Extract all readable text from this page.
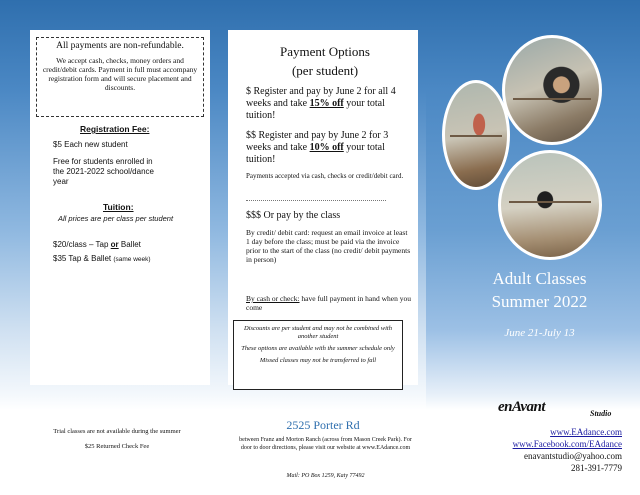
All payments are non-refundable.
We accept cash, checks, money orders and credit/debit cards. Payment in full must accompany registration form and will secure placement and discounts.
Registration Fee:
$5 Each new student
Free for students enrolled in
the 2021-2022 school/dance
year
Tuition:
All prices are per class per student
$20/class – Tap or Ballet
$35 Tap & Ballet (same week)
Trial classes are not available during the summer
$25 Returned Check Fee
Payment Options
(per student)
$ Register and pay by June 2 for all 4 weeks and take 15% off your total tuition!
$$ Register and pay by June 2 for 3 weeks and take 10% off your total tuition!
Payments accepted via cash, checks or credit/debit card.
$$$ Or pay by the class
By credit/ debit card: request an email invoice at least 1 day before the class; must be paid via the invoice prior to the start of the class (no credit/ debit payments in person)
By cash or check: have full payment in hand when you come
Discounts are per student and may not be combined with another student
These options are available with the summer schedule only
Missed classes may not be transferred to fall
2525 Porter Rd
between Franz and Morton Ranch (across from Mason Creek Park). For door to door directions, please visit our website at www.EAdance.com
Mail: PO Box 1259, Katy 77492
Adult Classes
Summer 2022
June 21-July 13
enAvant	Studio
www.EAdance.com
www.Facebook.com/EAdance
enavantstudio@yahoo.com
281-391-7779
